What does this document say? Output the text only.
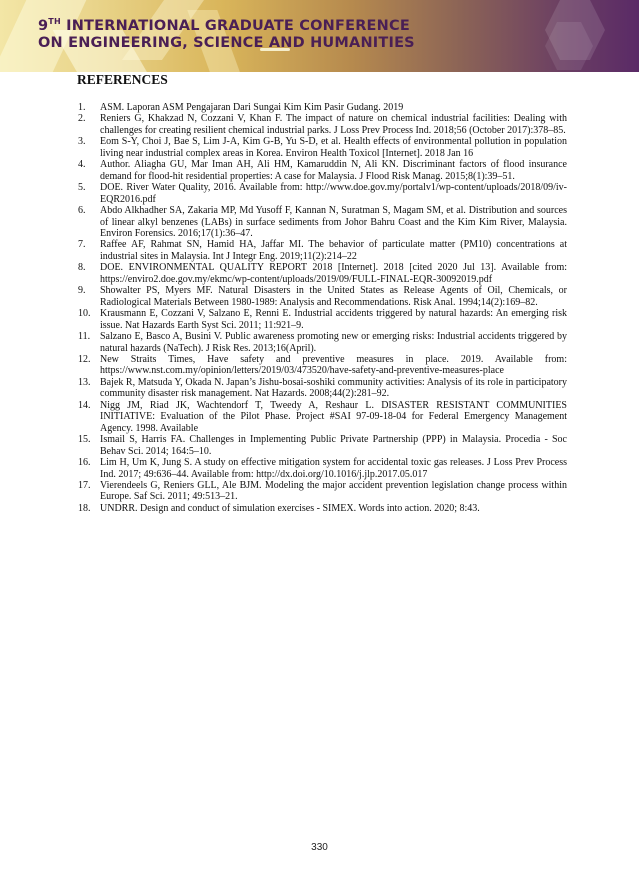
9TH INTERNATIONAL GRADUATE CONFERENCE
ON ENGINEERING, SCIENCE AND HUMANITIES
REFERENCES
1. ASM. Laporan ASM Pengajaran Dari Sungai Kim Kim Pasir Gudang. 2019
2. Reniers G, Khakzad N, Cozzani V, Khan F. The impact of nature on chemical industrial facilities: Dealing with challenges for creating resilient chemical industrial parks. J Loss Prev Process Ind. 2018;56 (October 2017):378–85.
3. Eom S-Y, Choi J, Bae S, Lim J-A, Kim G-B, Yu S-D, et al. Health effects of environmental pollution in population living near industrial complex areas in Korea. Environ Health Toxicol [Internet]. 2018 Jan 16
4. Author. Aliagha GU, Mar Iman AH, Ali HM, Kamaruddin N, Ali KN. Discriminant factors of flood insurance demand for flood-hit residential properties: A case for Malaysia. J Flood Risk Manag. 2015;8(1):39–51.
5. DOE. River Water Quality, 2016. Available from: http://www.doe.gov.my/portalv1/wp-content/uploads/2018/09/iv-EQR2016.pdf
6. Abdo Alkhadher SA, Zakaria MP, Md Yusoff F, Kannan N, Suratman S, Magam SM, et al. Distribution and sources of linear alkyl benzenes (LABs) in surface sediments from Johor Bahru Coast and the Kim Kim River, Malaysia. Environ Forensics. 2016;17(1):36–47.
7. Raffee AF, Rahmat SN, Hamid HA, Jaffar MI. The behavior of particulate matter (PM10) concentrations at industrial sites in Malaysia. Int J Integr Eng. 2019;11(2):214–22
8. DOE. ENVIRONMENTAL QUALITY REPORT 2018 [Internet]. 2018 [cited 2020 Jul 13]. Available from: https://enviro2.doe.gov.my/ekmc/wp-content/uploads/2019/09/FULL-FINAL-EQR-30092019.pdf
9. Showalter PS, Myers MF. Natural Disasters in the United States as Release Agents of Oil, Chemicals, or Radiological Materials Between 1980-1989: Analysis and Recommendations. Risk Anal. 1994;14(2):169–82.
10. Krausmann E, Cozzani V, Salzano E, Renni E. Industrial accidents triggered by natural hazards: An emerging risk issue. Nat Hazards Earth Syst Sci. 2011; 11:921–9.
11. Salzano E, Basco A, Busini V. Public awareness promoting new or emerging risks: Industrial accidents triggered by natural hazards (NaTech). J Risk Res. 2013;16(April).
12. New Straits Times, Have safety and preventive measures in place. 2019. Available from: https://www.nst.com.my/opinion/letters/2019/03/473520/have-safety-and-preventive-measures-place
13. Bajek R, Matsuda Y, Okada N. Japan’s Jishu-bosai-soshiki community activities: Analysis of its role in participatory community disaster risk management. Nat Hazards. 2008;44(2):281–92.
14. Nigg JM, Riad JK, Wachtendorf T, Tweedy A, Reshaur L. DISASTER RESISTANT COMMUNITIES INITIATIVE: Evaluation of the Pilot Phase. Project #SAI 97-09-18-04 for Federal Emergency Management Agency. 1998. Available
15. Ismail S, Harris FA. Challenges in Implementing Public Private Partnership (PPP) in Malaysia. Procedia - Soc Behav Sci. 2014; 164:5–10.
16. Lim H, Um K, Jung S. A study on effective mitigation system for accidental toxic gas releases. J Loss Prev Process Ind. 2017; 49:636–44. Available from: http://dx.doi.org/10.1016/j.jlp.2017.05.017
17. Vierendeels G, Reniers GLL, Ale BJM. Modeling the major accident prevention legislation change process within Europe. Saf Sci. 2011; 49:513–21.
18. UNDRR. Design and conduct of simulation exercises - SIMEX. Words into action. 2020; 8:43.
330
